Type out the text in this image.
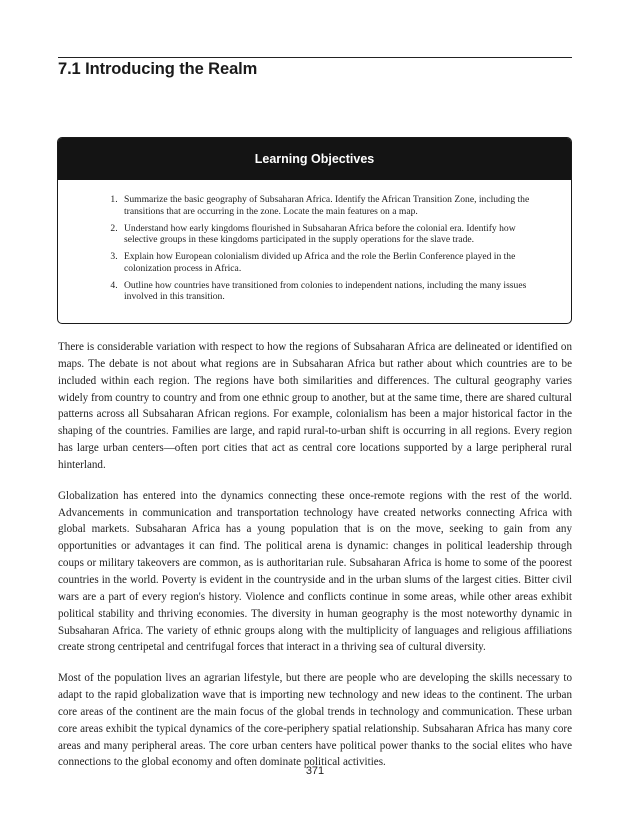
7.1 Introducing the Realm
Learning Objectives
1. Summarize the basic geography of Subsaharan Africa. Identify the African Transition Zone, including the transitions that are occurring in the zone. Locate the main features on a map.
2. Understand how early kingdoms flourished in Subsaharan Africa before the colonial era. Identify how selective groups in these kingdoms participated in the supply operations for the slave trade.
3. Explain how European colonialism divided up Africa and the role the Berlin Conference played in the colonization process in Africa.
4. Outline how countries have transitioned from colonies to independent nations, including the many issues involved in this transition.

There is considerable variation with respect to how the regions of Subsaharan Africa are delineated or identified on maps. The debate is not about what regions are in Subsaharan Africa but rather about which countries are to be included within each region. The regions have both similarities and differences. The cultural geography varies widely from country to country and from one ethnic group to another, but at the same time, there are shared cultural patterns across all Subsaharan African regions. For example, colonialism has been a major historical factor in the shaping of the countries. Families are large, and rapid rural-to-urban shift is occurring in all regions. Every region has large urban centers—often port cities that act as central core locations supported by a large peripheral rural hinterland.

Globalization has entered into the dynamics connecting these once-remote regions with the rest of the world. Advancements in communication and transportation technology have created networks connecting Africa with global markets. Subsaharan Africa has a young population that is on the move, seeking to gain from any opportunities or advantages it can find. The political arena is dynamic: changes in political leadership through coups or military takeovers are common, as is authoritarian rule. Subsaharan Africa is home to some of the poorest countries in the world. Poverty is evident in the countryside and in the urban slums of the largest cities. Bitter civil wars are a part of every region's history. Violence and conflicts continue in some areas, while other areas exhibit political stability and thriving economies. The diversity in human geography is the most noteworthy dynamic in Subsaharan Africa. The variety of ethnic groups along with the multiplicity of languages and religious affiliations create strong centripetal and centrifugal forces that interact in a thriving sea of cultural diversity.

Most of the population lives an agrarian lifestyle, but there are people who are developing the skills necessary to adapt to the rapid globalization wave that is importing new technology and new ideas to the continent. The urban core areas of the continent are the main focus of the global trends in technology and communication. These urban core areas exhibit the typical dynamics of the core-periphery spatial relationship. Subsaharan Africa has many core areas and many peripheral areas. The core urban centers have political power thanks to the social elites who have connections to the global economy and often dominate political activities.

371
